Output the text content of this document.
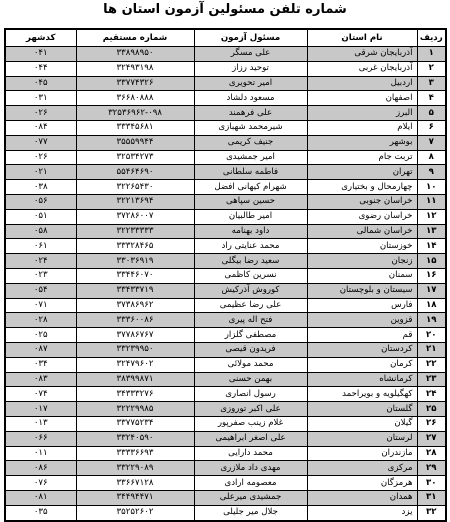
شماره تلفن مسئولین آزمون استان ها
ردیف	نام استان	مسئول آزمون	شماره مستقیم	کدشهر
۱	آذربایجان شرقی	علی مسگر	۳۳۸۹۸۹۵۰	۰۴۱
۲	آذربایجان غربی	توحید رزاز	۳۲۴۹۳۱۹۸	۰۴۴
۳	اردبیل	امیر تحویری	۳۳۷۷۴۳۲۶	۰۴۵
۴	اصفهان	مسعود دلشاد	۳۶۶۸۰۸۸۸	۰۳۱
۵	البرز	علی فرهمند	۳۲۵۳۶۹۶۲-۰۹۸	۰۲۶
۶	ایلام	شیرمحمد شهبازی	۳۳۳۴۵۶۸۱	۰۸۴
۷	بوشهر	جنیف کریمی	۳۵۵۵۹۹۴۴	۰۷۷
۸	تربت جام	امیر جمشیدی	۳۲۵۳۴۲۷۳	۰۲۶
۹	تهران	فاطمه سلطانی	۵۵۴۶۴۶۹۰	۰۲۱
۱۰	چهارمحال و بختیاری	شهرام کیهانی افضل	۳۲۲۶۵۴۳۰	۰۳۸
۱۱	خراسان جنوبی	حسین سپاهی	۳۲۲۱۳۶۹۴	۰۵۶
۱۲	خراسان رضوی	امیر طالبیان	۳۷۲۸۶۰۰۷	۰۵۱
۱۳	خراسان شمالی	داود بهنامه	۳۲۲۳۳۳۳۳	۰۵۸
۱۴	خوزستان	محمد عنایتی راد	۳۳۳۲۸۴۶۵	۰۶۱
۱۵	زنجان	سعید رضا بیگلی	۳۳۰۳۶۹۱۹	۰۲۴
۱۶	سمنان	نسرین کاظمی	۳۳۴۴۶۰۷۰	۰۲۳
۱۷	سیستان و بلوچستان	کوروش آذرکیش	۳۳۴۳۳۷۱۹	۰۵۴
۱۸	فارس	علی رضا عظیمی	۳۷۳۸۶۹۶۲	۰۷۱
۱۹	قزوین	فتح اله پیری	۳۳۳۶۰۰۸۶	۰۲۸
۲۰	قم	مصطفی گلزار	۳۷۷۸۶۷۶۷	۰۲۵
۲۱	کردستان	فریدون قیصی	۳۳۲۳۹۹۵۰	۰۸۷
۲۲	کرمان	محمد مولائی	۳۲۴۷۹۶۰۲	۰۳۴
۲۳	کرمانشاه	بهمن حسنی	۳۸۳۹۹۸۷۱	۰۸۳
۲۴	کهگیلویه و بویراحمد	رسول انصاری	۳۴۳۳۳۲۷۶	۰۷۴
۲۵	گلستان	علی اکبر توروزی	۳۲۲۲۹۹۸۵	۰۱۷
۲۶	گیلان	غلام زینب صفرپور	۳۳۷۷۵۲۳۴	۰۱۳
۲۷	لرستان	علی اصغر ابراهیمی	۳۳۲۴۰۵۹۰	۰۶۶
۲۸	مازندران	محمد دارایی	۳۳۳۳۶۶۹۳	۰۱۱
۲۹	مرکزی	مهدی داد ملازری	۳۳۲۲۹۰۸۹	۰۸۶
۳۰	هرمزگان	معصومه ارادی	۳۳۶۶۷۱۲۸	۰۷۶
۳۱	همدان	جمشیدی میرعلی	۳۴۴۹۴۴۷۱	۰۸۱
۳۲	یزد	جلال میر جلیلی	۳۵۲۵۲۶۰۲	۰۳۵
